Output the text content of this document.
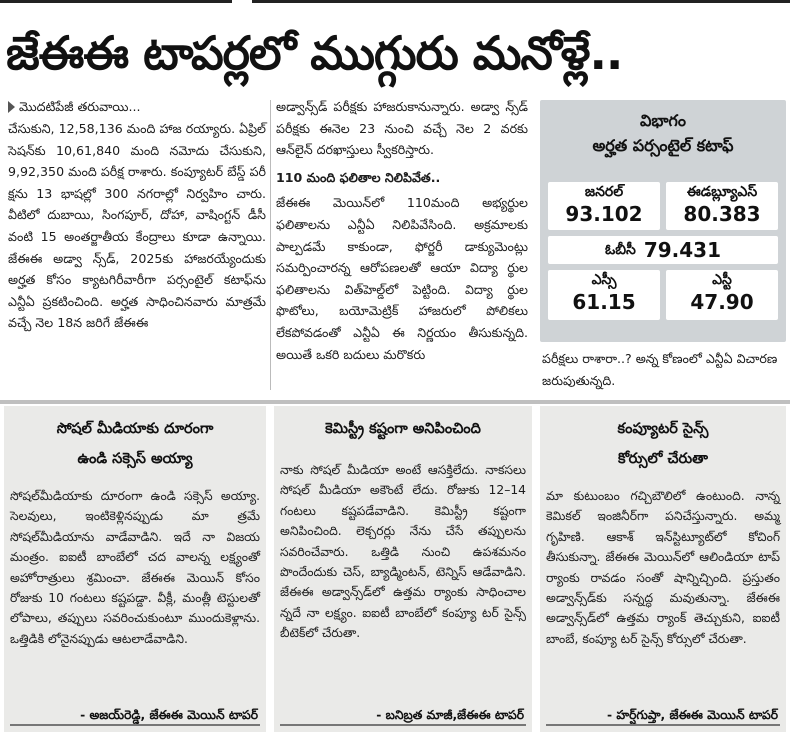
జేఈఈ టాపర్లలో ముగ్గురు మనోళ్లే..
మొదటిపేజీ తరువాయి...

చేసుకుని, 12,58,136 మంది హాజ రయ్యారు. ఏప్రిల్ సెషన్‌కు 10,61,840 మంది నమోదు చేసుకుని, 9,92,350 మంది పరీక్ష రాశారు. కంప్యూటర్ బేస్డ్ పరీ క్షను 13 భాషల్లో 300 నగరాల్లో నిర్వహిం చారు. వీటిలో దుబాయి, సింగపూర్, దోహా, వాషింగ్టన్ డీసీ వంటి 15 అంతర్జాతీయ కేంద్రాలు కూడా ఉన్నాయి. జేఈఈ అడ్వా న్స్‌డ్, 2025కు హాజరయ్యేందుకు అర్హత కోసం క్యాటగిరీవారీగా పర్సంటైల్ కటాఫ్‌ను ఎన్టీఏ ప్రకటించింది. అర్హత సాధించినవారు మాత్రమే వచ్చే నెల 18న జరిగే జేఈఈ

అడ్వాన్స్‌డ్ పరీక్షకు హాజరుకానున్నారు. అడ్వా న్స్‌డ్ పరీక్షకు ఈనెల 23 నుంచి వచ్చే నెల 2 వరకు ఆన్‌లైన్ దరఖాస్తులు స్వీకరిస్తారు.

110 మంది ఫలితాల నిలిపివేత..

జేఈఈ మెయిన్‌లో 110మంది అభ్యర్థుల ఫలితాలను ఎన్టీఏ నిలిపివేసింది. అక్రమాలకు పాల్పడమే కాకుండా, ఫోర్జరీ డాక్యుమెంట్లు సమర్పించారన్న ఆరోపణలతో ఆయా విద్యా ర్థుల ఫలితాలను విత్‌హెల్డ్‌లో పెట్టింది. విద్యా ర్థుల ఫొటోలు, బయోమెట్రిక్ హాజరులో పోలికలు లేకపోవడంతో ఎన్టీఏ ఈ నిర్ణయం తీసుకున్నది. అయితే ఒకరి బదులు మరొకరు

విభాగం
అర్హత పర్సంటైల్ కటాఫ్
జనరల్
93.102
ఈడబ్ల్యూఎస్
80.383
ఓబీసీ 79.431
ఎస్సీ
61.15
ఎస్టీ
47.90

పరీక్షలు రాశారా..? అన్న కోణంలో ఎన్టీఏ విచారణ జరుపుతున్నది.

సోషల్ మీడియాకు దూరంగా
ఉండి సక్సెస్ అయ్యా
సోషల్‌మీడియాకు దూరంగా ఉండి సక్సెస్ అయ్యా. సెలవులు, ఇంటికెళ్లినప్పుడు మా త్రమే సోషల్‌మీడియాను వాడేవాడిని. ఇదే నా విజయ మంత్రం. ఐఐటీ బాంబేలో చద వాలన్న లక్ష్యంతో అహోరాత్రులు శ్రమించా. జేఈఈ మెయిన్ కోసం రోజుకు 10 గంటలు కష్టపడ్డా. వీక్లీ, మంత్లీ టెస్టులతో లోపాలు, తప్పులు సవరించుకుంటూ ముందుకెళ్లాను. ఒత్తిడికి లోనైనప్పుడు ఆటలాడేవాడిని.
- అజయ్‌రెడ్డి, జేఈఈ మెయిన్ టాపర్
కెమిస్ట్రీ కష్టంగా అనిపించింది
నాకు సోషల్ మీడియా అంటే ఆసక్తిలేదు. నాకసలు సోషల్ మీడియా అకౌంటే లేదు. రోజుకు 12–14 గంటలు కష్టపడేవాడిని. కెమిస్ట్రీ కష్టంగా అనిపించింది. లెక్చరర్లు నేను చేసే తప్పులను సవరించేవారు. ఒత్తిడి నుంచి ఉపశమనం పొందేందుకు చెస్, బ్యాడ్మింటన్, టెన్నిస్ ఆడేవాడిని. జేఈఈ అడ్వాన్స్‌డ్‌లో ఉత్తమ ర్యాంకు సాధించాల న్నదే నా లక్ష్యం. ఐఐటీ బాంబేలో కంప్యూ టర్ సైన్స్ బీటెక్‌లో చేరుతా.
- బనిబ్రత మాజీ,జేఈఈ టాపర్
కంప్యూటర్ సైన్స్
కోర్సులో చేరుతా
మా కుటుంబం గచ్చిబౌలిలో ఉంటుంది. నాన్న కెమికల్ ఇంజినీర్‌గా పనిచేస్తున్నారు. అమ్మ గృహిణి. ఆకాశ్ ఇన్‌స్టిట్యూట్‌లో కోచింగ్ తీసుకున్నా. జేఈఈ మెయిన్‌లో ఆలిండియా టాప్ ర్యాంకు రావడం సంతో షాన్నిచ్చింది. ప్రస్తుతం అడ్వాన్స్‌డ్‌కు సన్నద్ధ మవుతున్నా. జేఈఈ అడ్వాన్స్‌డ్‌లో ఉత్తమ ర్యాంక్ తెచ్చుకుని, ఐఐటీ బాంబే, కంప్యూ టర్ సైన్స్ కోర్సులో చేరుతా.
- హర్ష్‌గుప్తా, జేఈఈ మెయిన్ టాపర్
